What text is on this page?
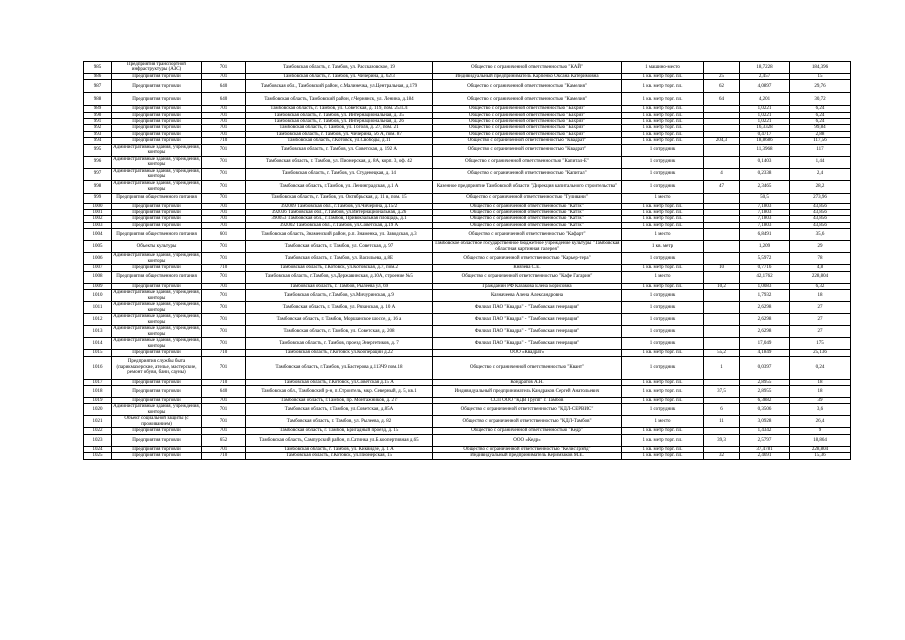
985	Предприятия транспортной инфраструктуры (АЗС)	701	Тамбовская область, г. Тамбов, ул. Рассказовское, 19	Общество с ограниченной ответственностью "КАЙ"	1 машино-место		18,7228	184,396
986	Предприятия торговли	701	Тамбовская область, г. Тамбов, ул. Чичерина, д. 62/3	Индивидуальный предприниматель Карпенко Оксана Катеримовна	1 кв. метр торг. пл.	25	2,457	15
987	Предприятия торговли	640	Тамбовская обл., Тамбовский район, с.Малинечка, ул.Центральная, д.179	Общество с ограниченной ответственностью "Камелия"	1 кв. метр торг. пл.	62	4,0897	29,76
988	Предприятия торговли	640	Тамбовская область, Тамбовский район, г.Чернянск, ул. Ленина, д.184	Общество с ограниченной ответственностью "Камелия"	1 кв. метр торг. пл.	64	4,201	30,72
989	Предприятия торговли	701	Тамбовская область, г. Тамбов, ул. Советская, д. 119, пом. 25Л.Л	Общество с ограниченной ответственностью "Бахриз"	1 кв. метр торг. пл.		1,0221	6,24
990	Предприятия торговли	701	Тамбовская область, г. Тамбов, ул. Интернациональная, д. 35	Общество с ограниченной ответственностью "Бахриз"	1 кв. метр торг. пл.		1,0221	6,24
991	Предприятия торговли	701	Тамбовская область, г. Тамбов, ул. Интернациональная, д. 26	Общество с ограниченной ответственностью "Бахриз"	1 кв. метр торг. пл.		1,0221	6,24
992	Предприятия торговли	701	Тамбовская область, г. Тамбов, ул. Гоголя, д. 27, пом. 21	Общество с ограниченной ответственностью "Бахриз"	1 кв. метр торг. пл.		16,3328	99,84
993	Предприятия торговли	701	Тамбовская область, г. Тамбов, ул. Чичерина, 56 А, пом. 87	Общество с ограниченной ответственностью "Бахриз"	1 кв. метр торг. пл.		0,4717	2,88
994	Предприятия торговли	710	Тамбовская область, г.Котовск, ул.Свободы, д.11	Общество с ограниченной ответственностью "Квадрат"	1 кв. метр торг. пл.	204,3	18,8686	117,56
995	Административные здания, учреждения, конторы	701	Тамбовская область, г. Тамбов, ул. Советская, д. 192 А	Общество с ограниченной ответственностью "Квадрат"	1 сотрудник		11,3968	117
996	Административные здания, учреждения, конторы	701	Тамбовская область, г. Тамбов, ул. Пионерская, д. 8А, корп. 3, оф. 42	Общество с ограниченной ответственностью "Капитал-Е"	1 сотрудник		0,1403	1,44
997	Административные здания, учреждения, конторы	701	Тамбовская область, г. Тамбов, ул. Студенецкая, д. 14	Общество с ограниченной ответственностью "Капитал"	1 сотрудник	4	0,2338	2,4
998	Административные здания, учреждения, конторы	701	Тамбовская область, г.Тамбов, ул. Ленинградская, д.1 А	Казенное предприятие Тамбовской области "Дирекция капитального строительства"	1 сотрудник	47	2,3465	28,2
999	Предприятия общественного питания	701	Тамбовская область, г. Тамбов, ул. Октябрьская, д. 11 в, пом. 15	Общество с ограниченной ответственностью "Гуливани"	1 место		50,5	273,96
1000	Предприятия торговли	701	392009 Тамбовская обл., г.Тамбов, ул.Чичерина, д.15/2	Общество с ограниченной ответственностью "Катэх"	1 кв. метр торг. пл.		7,1803	43,856
1001	Предприятия торговли	701	392036 Тамбовская обл., г.Тамбов, ул.Интернациональная, д.26	Общество с ограниченной ответственностью "Катэх"	1 кв. метр торг. пл.		7,1803	43,856
1002	Предприятия торговли	701	390053 Тамбовская обл., г.Тамбов, Привокзальная площадь, д.1	Общество с ограниченной ответственностью "Катэх"	1 кв. метр торг. пл.		7,1803	43,856
1003	Предприятия торговли	701	392002 Тамбовская обл., г.Тамбов, ул.Советская, д.19 А	Общество с ограниченной ответственностью "Катэх"	1 кв. метр торг. пл.		7,1803	43,856
1004	Предприятия общественного питания	601	Тамбовская область, Знаменский район, р.п. Знаменка, ул. Заводская, д.3	Общество с ограниченной ответственностью "Кафарт"	1 место		6,8491	35,6
1005	Объекты культуры	701	Тамбовская область, г. Тамбов, ул. Советская, д. 97	Тамбовское областное государственное бюджетное учреждение культуры "Тамбовская областная картинная галерея"	1 кв. метр		1,209	29
1006	Административные здания, учреждения, конторы	701	Тамбовская область, г. Тамбов, ул. Васильева, д.8Е	Общество с ограниченной ответственностью "Карьер-тера"	1 сотрудник		5,5972	78
1007	Предприятия торговли	710	Тамбовская область, г.Котовск, ул.Котовская, д.7, пом.2	Князева С.Е.	1 кв. метр торг. пл.	10	0,7716	4,8
1008	Предприятия общественного питания	701	Тамбовская область, г.Тамбов, ул.Державинская, д.10А, строение №5	Общество с ограниченной ответственностью "Кафе Гагарин"	1 место		42,1762	228,804
1009	Предприятия торговли	701	Тамбовская область, г. Тамбов, Рылеева ул, 69	Гражданин РФ Казакова Елена Борисовна	1 кв. метр торг. пл.	10,2	1,0083	6,32
1010	Административные здания, учреждения, конторы	701	Тамбовская область, г.Тамбов, ул.Мичуринская, д.9	Казначеева Алена Александровна	1 сотрудник		1,7932	18
1011	Административные здания, учреждения, конторы	701	Тамбовская область, г. Тамбов, ул. Рязанская, д. 10 А	Филиал ПАО "Квадра" - "Тамбовская генерация"	1 сотрудник		2,6298	27
1012	Административные здания, учреждения, конторы	701	Тамбовская область, г. Тамбов, Моршанское шоссе, д. 16 а	Филиал ПАО "Квадра" - "Тамбовская генерация"	1 сотрудник		2,6298	27
1013	Административные здания, учреждения, конторы	701	Тамбовская область, г. Тамбов, ул. Советская, д. 208	Филиал ПАО "Квадра" - "Тамбовская генерация"	1 сотрудник		2,6298	27
1014	Административные здания, учреждения, конторы	701	Тамбовская область, г. Тамбов, проезд Энергетиков, д. 7	Филиал ПАО "Квадра" - "Тамбовская генерация"	1 сотрудник		17,049	175
1015	Предприятия торговли	710	Тамбовская область, г.Котовск ул.Кооперации д.22	ООО «Квадрат»	1 кв. метр торг. пл.	55,2	4,1849	25,136
1016	Предприятия службы быта (парикмахерские, ателье, мастерские, ремонт обуви, бани, сауны)	701	Тамбовская область, г.Тамбов, ул.Бастерова д.113Ч9 пом.18	Общество с ограниченной ответственностью "Квант"	1 сотрудник	1	0,0397	0,24
1017	Предприятия торговли	710	Тамбовская область, г.Котовск, ул.Советская д.15 А	Кондратов А.Н.	1 кв. метр торг. пл.		2,8955	18
1018	Предприятия торговли	640	Тамбовская обл., Тамбовский р-н, п.Строитель, мкр. Северный, д. 5, кв.1	Индивидуальный предприниматель Кандраков Сергей Анатольевич	1 кв. метр торг. пл.	37,5	2,8955	18
1019	Предприятия торговли	701	Тамбовская область, г.Тамбов, пр. Монтажников, д. 2 г	ССП ООО "КДВ Групп" г. Тамбов	1 кв. метр торг. пл.		6,3882	39
1020	Административные здания, учреждения, конторы	701	Тамбовская область, г.Тамбов, ул.Советская, д.85А	Общество с ограниченной ответственностью "КДЛ-СЕРВИС"	1 сотрудник	6	0,3506	3,6
1021	Объект социальной защиты (с проживанием)	701	Тамбовская область, г. Тамбов, ул. Рылеева, д. 82	Общество с ограниченной ответственностью "КДЛ-Тамбов"	1 место	11	3,0928	26,4
1022	Предприятия торговли	701	Тамбовская область, г. Тамбов, Бригадный проезд, д. 15	Общество с ограниченной ответственностью "Кедр"	1 кв. метр торг. пл.		1,4342	9
1023	Предприятия торговли	652	Тамбовская область, Сампурский район, п.Сатинка ул.Б.коопертивная д.65	ООО «Кедр»	1 кв. метр торг. пл.	39,3	2,5797	18,864
1024	Предприятия торговли	701	Тамбовская область, г. Тамбов, ул. Киквидзе, д. 1 А	Общество с ограниченной ответственностью "КелисТрэйд"	1 кв. метр торг. пл.		37,4781	228,804
1025	Предприятия торговли	710	Тамбовская область, г.Котовск, ул.Пионерская, 15	Индивидуальный предприниматель Керимзаков М.Е.	1 кв. метр торг. пл.	32	2,4691	15,36
